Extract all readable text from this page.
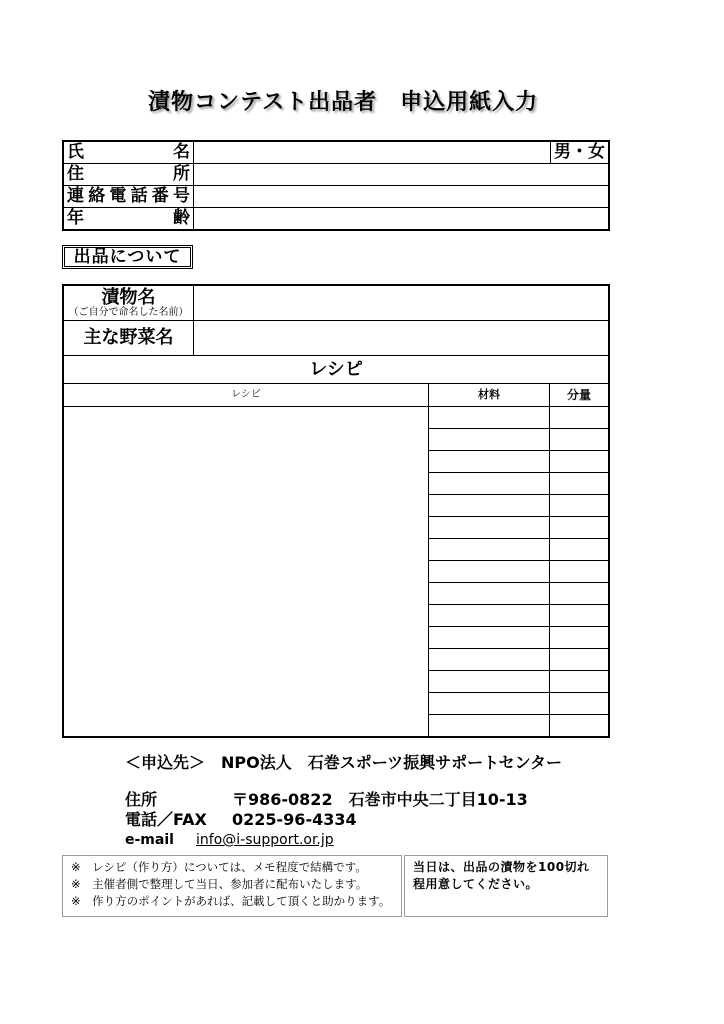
漬物コンテスト出品者　申込用紙入力
氏名	男・女
住所
連絡電話番号
年齢
出品について
漬物名
（ご自分で命名した名前）
主な野菜名
レシピ
レシピ	材料	分量
＜申込先＞　NPO法人　石巻スポーツ振興サポートセンター
住所	〒986-0822　石巻市中央二丁目10-13
電話／FAX 0225-96-4334
e-mail info@i-support.or.jp
※　レシピ（作り方）については、メモ程度で結構です。
※　主催者側で整理して当日、参加者に配布いたします。
※　作り方のポイントがあれば、記載して頂くと助かります。
当日は、出品の漬物を100切れ
程用意してください。
